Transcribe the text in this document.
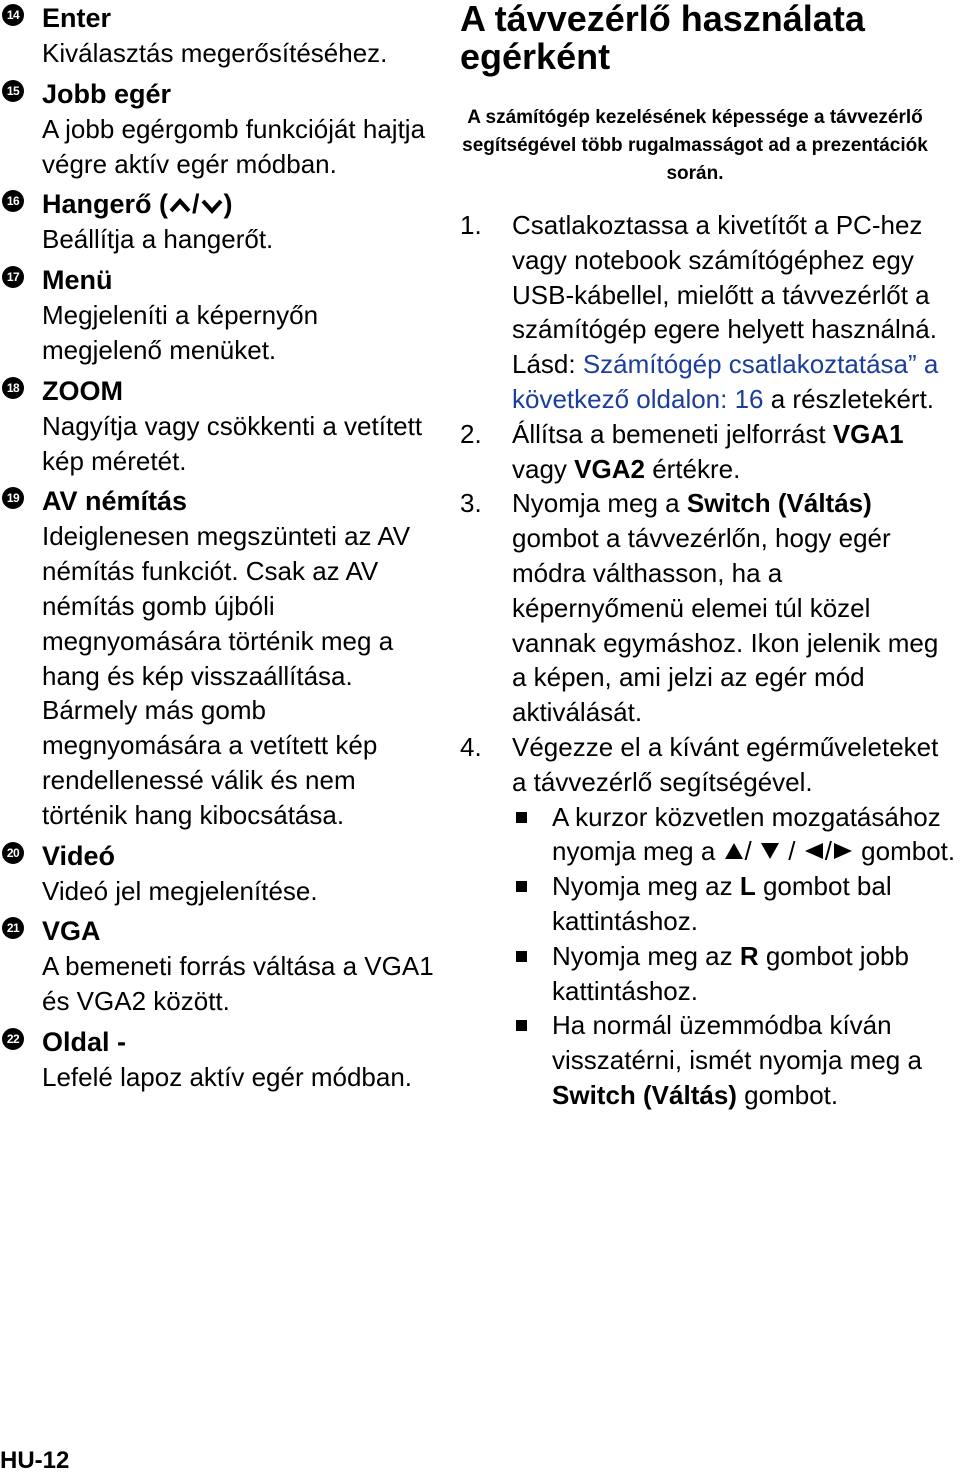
14 Enter
Kiválasztás megerősítéséhez.
15 Jobb egér
A jobb egérgomb funkcióját hajtja végre aktív egér módban.
16 Hangerő ( / )
Beállítja a hangerőt.
17 Menü
Megjeleníti a képernyőn megjelenő menüket.
18 ZOOM
Nagyítja vagy csökkenti a vetített kép méretét.
19 AV némítás
Ideiglenesen megszünteti az AV némítás funkciót. Csak az AV némítás gomb újbóli megnyomására történik meg a hang és kép visszaállítása. Bármely más gomb megnyomására a vetített kép rendellenessé válik és nem történik hang kibocsátása.
20 Videó
Videó jel megjelenítése.
21 VGA
A bemeneti forrás váltása a VGA1 és VGA2 között.
22 Oldal -
Lefelé lapoz aktív egér módban.
A távvezérlő használata egérként
A számítógép kezelésének képessége a távvezérlő segítségével több rugalmasságot ad a prezentációk során.
1. Csatlakoztassa a kivetítőt a PC-hez vagy notebook számítógéphez egy USB-kábellel, mielőtt a távvezérlőt a számítógép egere helyett használná. Lásd: Számítógép csatlakoztatása” a következő oldalon: 16 a részletekért.
2. Állítsa a bemeneti jelforrást VGA1 vagy VGA2 értékre.
3. Nyomja meg a Switch (Váltás) gombot a távvezérlőn, hogy egér módra válthasson, ha a képernyőmenü elemei túl közel vannak egymáshoz. Ikon jelenik meg a képen, ami jelzi az egér mód aktiválását.
4. Végezze el a kívánt egérműveleteket a távvezérlő segítségével.
A kurzor közvetlen mozgatásához nyomja meg a / / / gombot.
Nyomja meg az L gombot bal kattintáshoz.
Nyomja meg az R gombot jobb kattintáshoz.
Ha normál üzemmódba kíván visszatérni, ismét nyomja meg a Switch (Váltás) gombot.
HU-12
